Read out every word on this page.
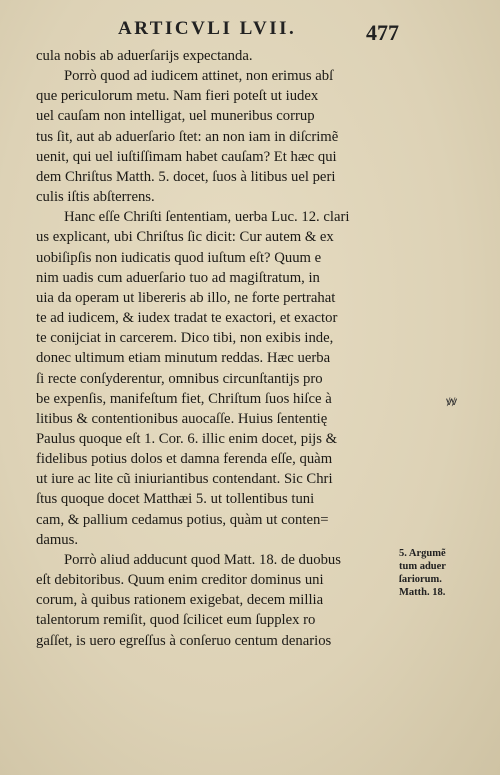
ARTICVLI LVII.	477
cula nobis ab aduerſarijs expectanda.
Porrò quod ad iudicem attinet, non erimus abſ
que periculorum metu. Nam fieri poteſt ut iudex
uel cauſam non intelligat, uel muneribus corrup
tus ſit, aut ab aduerſario ſtet: an non iam in diſcrimẽ
uenit, qui uel iuſtiſſimam habet cauſam? Et hæc qui
dem Chriſtus Matth. 5. docet, ſuos à litibus uel peri
culis iſtis abſterrens.
Hanc eſſe Chriſti ſententiam, uerba Luc. 12. clari
us explicant, ubi Chriſtus ſic dicit: Cur autem & ex
uobiſipſis non iudicatis quod iuſtum eſt? Quum e
nim uadis cum aduerſario tuo ad magiſtratum, in
uia da operam ut libereris ab illo, ne forte pertrahat
te ad iudicem, & iudex tradat te exactori, et exactor
te conijciat in carcerem. Dico tibi, non exibis inde,
donec ultimum etiam minutum reddas. Hæc uerba
ſi recte conſyderentur, omnibus circunſtantijs pro
be expenſis, manifeſtum fiet, Chriſtum ſuos hiſce à
litibus & contentionibus auocaſſe. Huius ſententię
Paulus quoque eſt 1. Cor. 6. illic enim docet, pijs &
fidelibus potius dolos et damna ferenda eſſe, quàm
ut iure ac lite cũ iniuriantibus contendant. Sic Chri
ſtus quoque docet Matthæi 5. ut tollentibus tuni
cam, & pallium cedamus potius, quàm ut conten=
damus.
Porrò aliud adducunt quod Matt. 18. de duobus
eſt debitoribus. Quum enim creditor dominus uni
corum, à quibus rationem exigebat, decem millia
talentorum remiſit, quod ſcilicet eum ſupplex ro
gaſſet, is uero egreſſus à conſeruo centum denarios
5. Argumẽ
tum aduer
ſariorum.
Matth. 18.
ꝟꝟ
